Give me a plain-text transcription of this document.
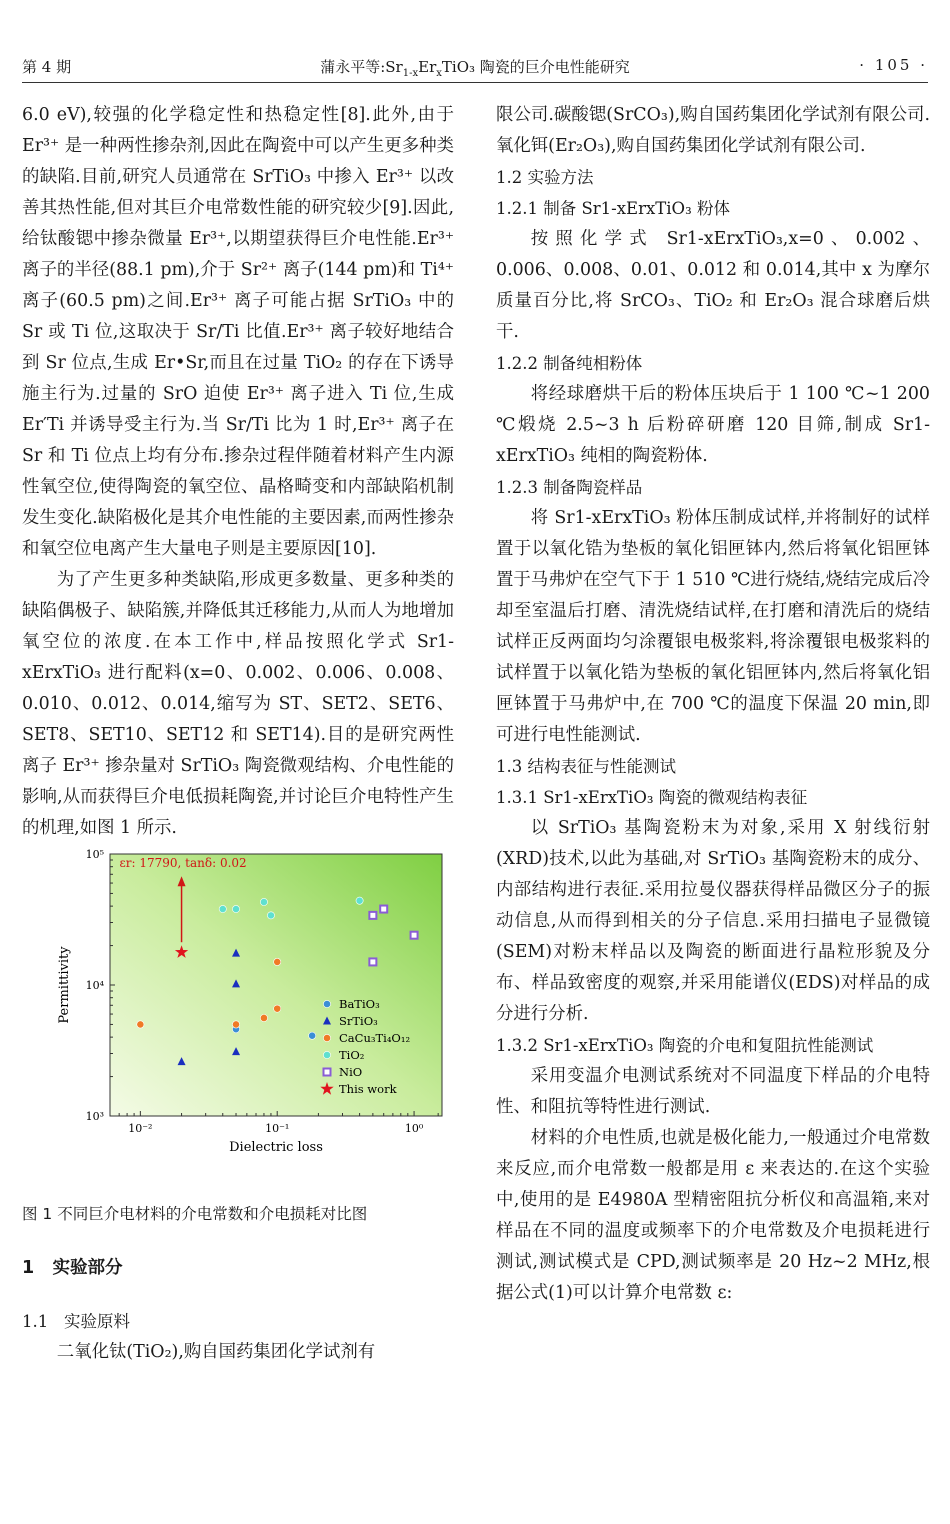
第 4 期	蒲永平等$:Sr_{1-x}Er_xTiO_3$ 陶瓷的巨介电性能研究	· 105 ·

6.0 eV),较强的化学稳定性和热稳定性[8].此外,由于 Er³⁺ 是一种两性掺杂剂,因此在陶瓷中可以产生更多种类的缺陷.目前,研究人员通常在 SrTiO₃ 中掺入 Er³⁺ 以改善其热性能,但对其巨介电常数性能的研究较少[9].因此,给钛酸锶中掺杂微量 Er³⁺,以期望获得巨介电性能.Er³⁺ 离子的半径(88.1 pm),介于 Sr²⁺ 离子(144 pm)和 Ti⁴⁺ 离子(60.5 pm)之间.Er³⁺ 离子可能占据 SrTiO₃ 中的 Sr 或 Ti 位,这取决于 Sr/Ti 比值.Er³⁺ 离子较好地结合到 Sr 位点,生成 Er•Sr,而且在过量 TiO₂ 的存在下诱导施主行为.过量的 SrO 迫使 Er³⁺ 离子进入 Ti 位,生成 Er′Ti 并诱导受主行为.当 Sr/Ti 比为 1 时,Er³⁺ 离子在 Sr 和 Ti 位点上均有分布.掺杂过程伴随着材料产生内源性氧空位,使得陶瓷的氧空位、晶格畸变和内部缺陷机制发生变化.缺陷极化是其介电性能的主要因素,而两性掺杂和氧空位电离产生大量电子则是主要原因[10].

为了产生更多种类缺陷,形成更多数量、更多种类的缺陷偶极子、缺陷簇,并降低其迁移能力,从而人为地增加氧空位的浓度.在本工作中,样品按照化学式 Sr1-xErxTiO₃ 进行配料(x=0、0.002、0.006、0.008、0.010、0.012、0.014,缩写为 ST、SET2、SET6、SET8、SET10、SET12 和 SET14).目的是研究两性离子 Er³⁺ 掺杂量对 SrTiO₃ 陶瓷微观结构、介电性能的影响,从而获得巨介电低损耗陶瓷,并讨论巨介电特性产生的机理,如图 1 所示.

10⁻²	10⁻¹	10⁰
10³
10⁴
10⁵
BaTiO₃
SrTiO₃
CaCu₃Ti₄O₁₂
TiO₂
NiO
This work
εr: 17790, tanδ: 0.02
Dielectric loss
Permittivity

图 1 不同巨介电材料的介电常数和介电损耗对比图

1 实验部分

1.1 实验原料

二氧化钛(TiO₂),购自国药集团化学试剂有

限公司.碳酸锶(SrCO₃),购自国药集团化学试剂有限公司.氧化铒(Er₂O₃),购自国药集团化学试剂有限公司.

1.2 实验方法

1.2.1 制备 Sr1-xErxTiO₃ 粉体

按照化学式 Sr1-xErxTiO₃,x=0、0.002、0.006、0.008、0.01、0.012 和 0.014,其中 x 为摩尔质量百分比,将 SrCO₃、TiO₂ 和 Er₂O₃ 混合球磨后烘干.

1.2.2 制备纯相粉体

将经球磨烘干后的粉体压块后于 1 100 ℃~1 200 ℃煅烧 2.5~3 h 后粉碎研磨 120 目筛,制成 Sr1-xErxTiO₃ 纯相的陶瓷粉体.

1.2.3 制备陶瓷样品

将 Sr1-xErxTiO₃ 粉体压制成试样,并将制好的试样置于以氧化锆为垫板的氧化铝匣钵内,然后将氧化铝匣钵置于马弗炉在空气下于 1 510 ℃进行烧结,烧结完成后冷却至室温后打磨、清洗烧结试样,在打磨和清洗后的烧结试样正反两面均匀涂覆银电极浆料,将涂覆银电极浆料的试样置于以氧化锆为垫板的氧化铝匣钵内,然后将氧化铝匣钵置于马弗炉中,在 700 ℃的温度下保温 20 min,即可进行电性能测试.

1.3 结构表征与性能测试

1.3.1 Sr1-xErxTiO₃ 陶瓷的微观结构表征

以 SrTiO₃ 基陶瓷粉末为对象,采用 X 射线衍射(XRD)技术,以此为基础,对 SrTiO₃ 基陶瓷粉末的成分、内部结构进行表征.采用拉曼仪器获得样品微区分子的振动信息,从而得到相关的分子信息.采用扫描电子显微镜(SEM)对粉末样品以及陶瓷的断面进行晶粒形貌及分布、样品致密度的观察,并采用能谱仪(EDS)对样品的成分进行分析.

1.3.2 Sr1-xErxTiO₃ 陶瓷的介电和复阻抗性能测试

采用变温介电测试系统对不同温度下样品的介电特性、和阻抗等特性进行测试.

材料的介电性质,也就是极化能力,一般通过介电常数来反应,而介电常数一般都是用 ε 来表达的.在这个实验中,使用的是 E4980A 型精密阻抗分析仪和高温箱,来对样品在不同的温度或频率下的介电常数及介电损耗进行测试,测试模式是 CPD,测试频率是 20 Hz~2 MHz,根据公式(1)可以计算介电常数 ε:
